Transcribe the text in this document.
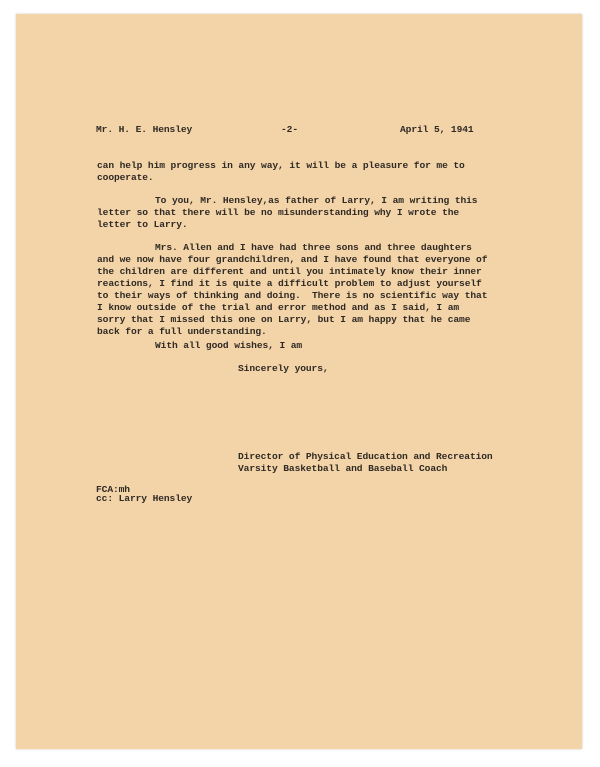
Mr. H. E. Hensley	-2-	April 5, 1941
can help him progress in any way, it will be a pleasure for me to
cooperate.
To you, Mr. Hensley,as father of Larry, I am writing this
letter so that there will be no misunderstanding why I wrote the
letter to Larry.
Mrs. Allen and I have had three sons and three daughters
and we now have four grandchildren, and I have found that everyone of
the children are different and until you intimately know their inner
reactions, I find it is quite a difficult problem to adjust yourself
to their ways of thinking and doing.  There is no scientific way that
I know outside of the trial and error method and as I said, I am
sorry that I missed this one on Larry, but I am happy that he came
back for a full understanding.
With all good wishes, I am
Sincerely yours,
Director of Physical Education and Recreation
Varsity Basketball and Baseball Coach
FCA:mh
cc: Larry Hensley
